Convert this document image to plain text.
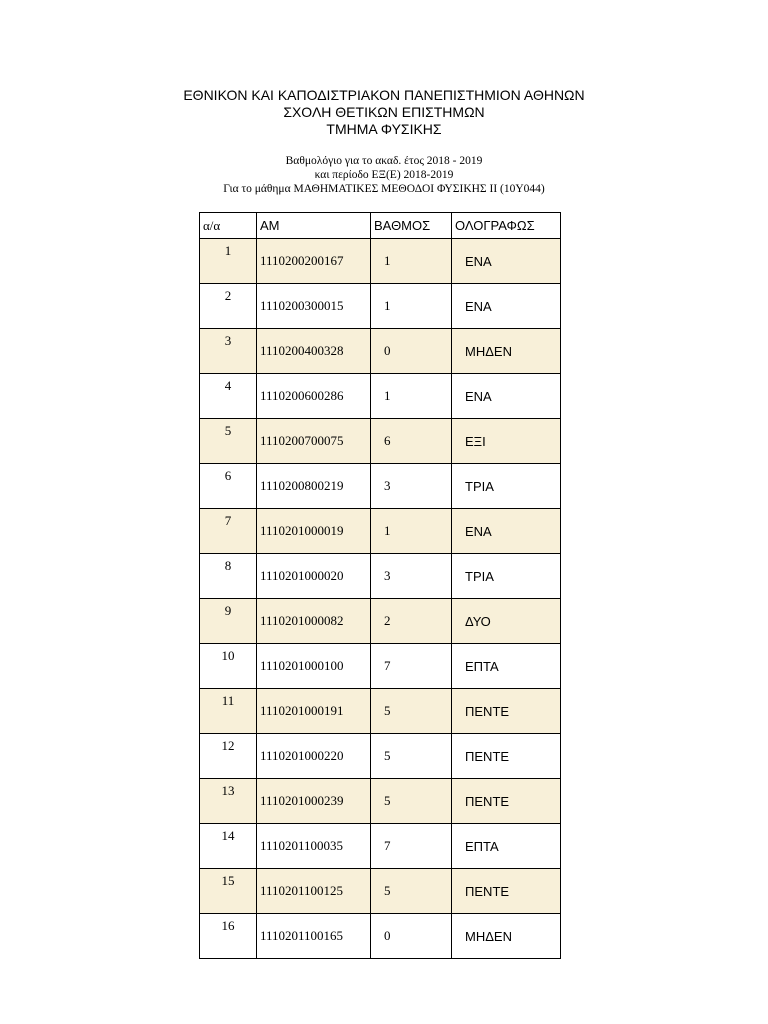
ΕΘΝΙΚΟΝ ΚΑΙ ΚΑΠΟΔΙΣΤΡΙΑΚΟΝ ΠΑΝΕΠΙΣΤΗΜΙΟΝ ΑΘΗΝΩΝ
ΣΧΟΛΗ ΘΕΤΙΚΩΝ ΕΠΙΣΤΗΜΩΝ
ΤΜΗΜΑ ΦΥΣΙΚΗΣ
Βαθμολόγιο για το ακαδ. έτος 2018 - 2019
και περίοδο ΕΞ(Ε) 2018-2019
Για το μάθημα ΜΑΘΗΜΑΤΙΚΕΣ ΜΕΘΟΔΟΙ ΦΥΣΙΚΗΣ ΙΙ (10Υ044)
α/α	ΑΜ	ΒΑΘΜΟΣ	ΟΛΟΓΡΑΦΩΣ
1	1110200200167	1	ΕΝΑ
2	1110200300015	1	ΕΝΑ
3	1110200400328	0	ΜΗΔΕΝ
4	1110200600286	1	ΕΝΑ
5	1110200700075	6	ΕΞΙ
6	1110200800219	3	ΤΡΙΑ
7	1110201000019	1	ΕΝΑ
8	1110201000020	3	ΤΡΙΑ
9	1110201000082	2	ΔΥΟ
10	1110201000100	7	ΕΠΤΑ
11	1110201000191	5	ΠΕΝΤΕ
12	1110201000220	5	ΠΕΝΤΕ
13	1110201000239	5	ΠΕΝΤΕ
14	1110201100035	7	ΕΠΤΑ
15	1110201100125	5	ΠΕΝΤΕ
16	1110201100165	0	ΜΗΔΕΝ
